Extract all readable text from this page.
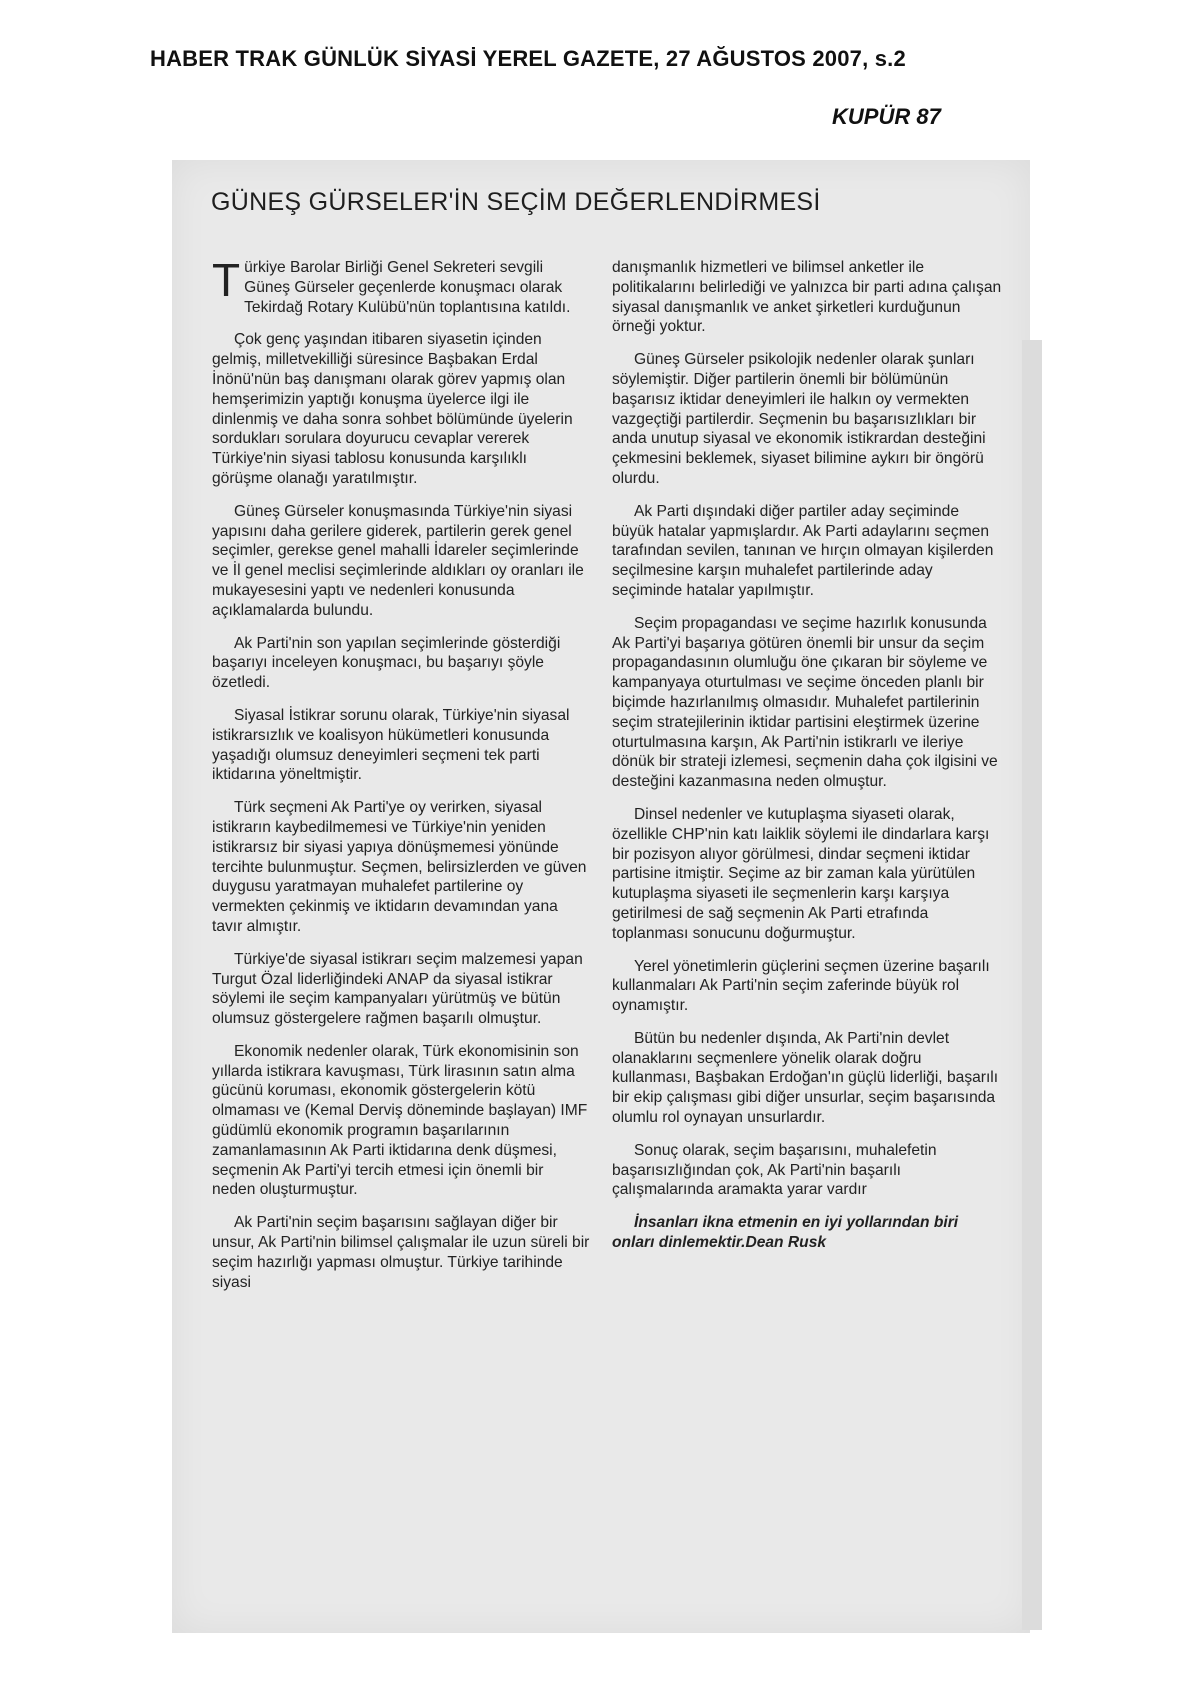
HABER TRAK GÜNLÜK SİYASİ YEREL GAZETE, 27 AĞUSTOS 2007, s.2
KUPÜR 87
GÜNEŞ GÜRSELER'İN SEÇİM DEĞERLENDİRMESİ

Türkiye Barolar Birliği Genel Sekreteri sevgili Güneş Gürseler geçenlerde konuşmacı olarak Tekirdağ Rotary Kulübü'nün toplantısına katıldı.

Çok genç yaşından itibaren siyasetin içinden gelmiş, milletvekilliği süresince Başbakan Erdal İnönü'nün baş danışmanı olarak görev yapmış olan hemşerimizin yaptığı konuşma üyelerce ilgi ile dinlenmiş ve daha sonra sohbet bölümünde üyelerin sordukları sorulara doyurucu cevaplar vererek Türkiye'nin siyasi tablosu konusunda karşılıklı görüşme olanağı yaratılmıştır.

Güneş Gürseler konuşmasında Türkiye'nin siyasi yapısını daha gerilere giderek, partilerin gerek genel seçimler, gerekse genel mahalli İdareler seçimlerinde ve İl genel meclisi seçimlerinde aldıkları oy oranları ile mukayesesini yaptı ve nedenleri konusunda açıklamalarda bulundu.

Ak Parti'nin son yapılan seçimlerinde gösterdiği başarıyı inceleyen konuşmacı, bu başarıyı şöyle özetledi.

Siyasal İstikrar sorunu olarak, Türkiye'nin siyasal istikrarsızlık ve koalisyon hükümetleri konusunda yaşadığı olumsuz deneyimleri seçmeni tek parti iktidarına yöneltmiştir.

Türk seçmeni Ak Parti'ye oy verirken, siyasal istikrarın kaybedilmemesi ve Türkiye'nin yeniden istikrarsız bir siyasi yapıya dönüşmemesi yönünde tercihte bulunmuştur. Seçmen, belirsizlerden ve güven duygusu yaratmayan muhalefet partilerine oy vermekten çekinmiş ve iktidarın devamından yana tavır almıştır.

Türkiye'de siyasal istikrarı seçim malzemesi yapan Turgut Özal liderliğindeki ANAP da siyasal istikrar söylemi ile seçim kampanyaları yürütmüş ve bütün olumsuz göstergelere rağmen başarılı olmuştur.

Ekonomik nedenler olarak, Türk ekonomisinin son yıllarda istikrara kavuşması, Türk lirasının satın alma gücünü koruması, ekonomik göstergelerin kötü olmaması ve (Kemal Derviş döneminde başlayan) IMF güdümlü ekonomik programın başarılarının zamanlamasının Ak Parti iktidarına denk düşmesi, seçmenin Ak Parti'yi tercih etmesi için önemli bir neden oluşturmuştur.

Ak Parti'nin seçim başarısını sağlayan diğer bir unsur, Ak Parti'nin bilimsel çalışmalar ile uzun süreli bir seçim hazırlığı yapması olmuştur. Türkiye tarihinde siyasi

danışmanlık hizmetleri ve bilimsel anketler ile politikalarını belirlediği ve yalnızca bir parti adına çalışan siyasal danışmanlık ve anket şirketleri kurduğunun örneği yoktur.

Güneş Gürseler psikolojik nedenler olarak şunları söylemiştir. Diğer partilerin önemli bir bölümünün başarısız iktidar deneyimleri ile halkın oy vermekten vazgeçtiği partilerdir. Seçmenin bu başarısızlıkları bir anda unutup siyasal ve ekonomik istikrardan desteğini çekmesini beklemek, siyaset bilimine aykırı bir öngörü olurdu.

Ak Parti dışındaki diğer partiler aday seçiminde büyük hatalar yapmışlardır. Ak Parti adaylarını seçmen tarafından sevilen, tanınan ve hırçın olmayan kişilerden seçilmesine karşın muhalefet partilerinde aday seçiminde hatalar yapılmıştır.

Seçim propagandası ve seçime hazırlık konusunda Ak Parti'yi başarıya götüren önemli bir unsur da seçim propagandasının olumluğu öne çıkaran bir söyleme ve kampanyaya oturtulması ve seçime önceden planlı bir biçimde hazırlanılmış olmasıdır. Muhalefet partilerinin seçim stratejilerinin iktidar partisini eleştirmek üzerine oturtulmasına karşın, Ak Parti'nin istikrarlı ve ileriye dönük bir strateji izlemesi, seçmenin daha çok ilgisini ve desteğini kazanmasına neden olmuştur.

Dinsel nedenler ve kutuplaşma siyaseti olarak, özellikle CHP'nin katı laiklik söylemi ile dindarlara karşı bir pozisyon alıyor görülmesi, dindar seçmeni iktidar partisine itmiştir. Seçime az bir zaman kala yürütülen kutuplaşma siyaseti ile seçmenlerin karşı karşıya getirilmesi de sağ seçmenin Ak Parti etrafında toplanması sonucunu doğurmuştur.

Yerel yönetimlerin güçlerini seçmen üzerine başarılı kullanmaları Ak Parti'nin seçim zaferinde büyük rol oynamıştır.

Bütün bu nedenler dışında, Ak Parti'nin devlet olanaklarını seçmenlere yönelik olarak doğru kullanması, Başbakan Erdoğan'ın güçlü liderliği, başarılı bir ekip çalışması gibi diğer unsurlar, seçim başarısında olumlu rol oynayan unsurlardır.

Sonuç olarak, seçim başarısını, muhalefetin başarısızlığından çok, Ak Parti'nin başarılı çalışmalarında aramakta yarar vardır

İnsanları ikna etmenin en iyi yollarından biri onları dinlemektir.Dean Rusk
